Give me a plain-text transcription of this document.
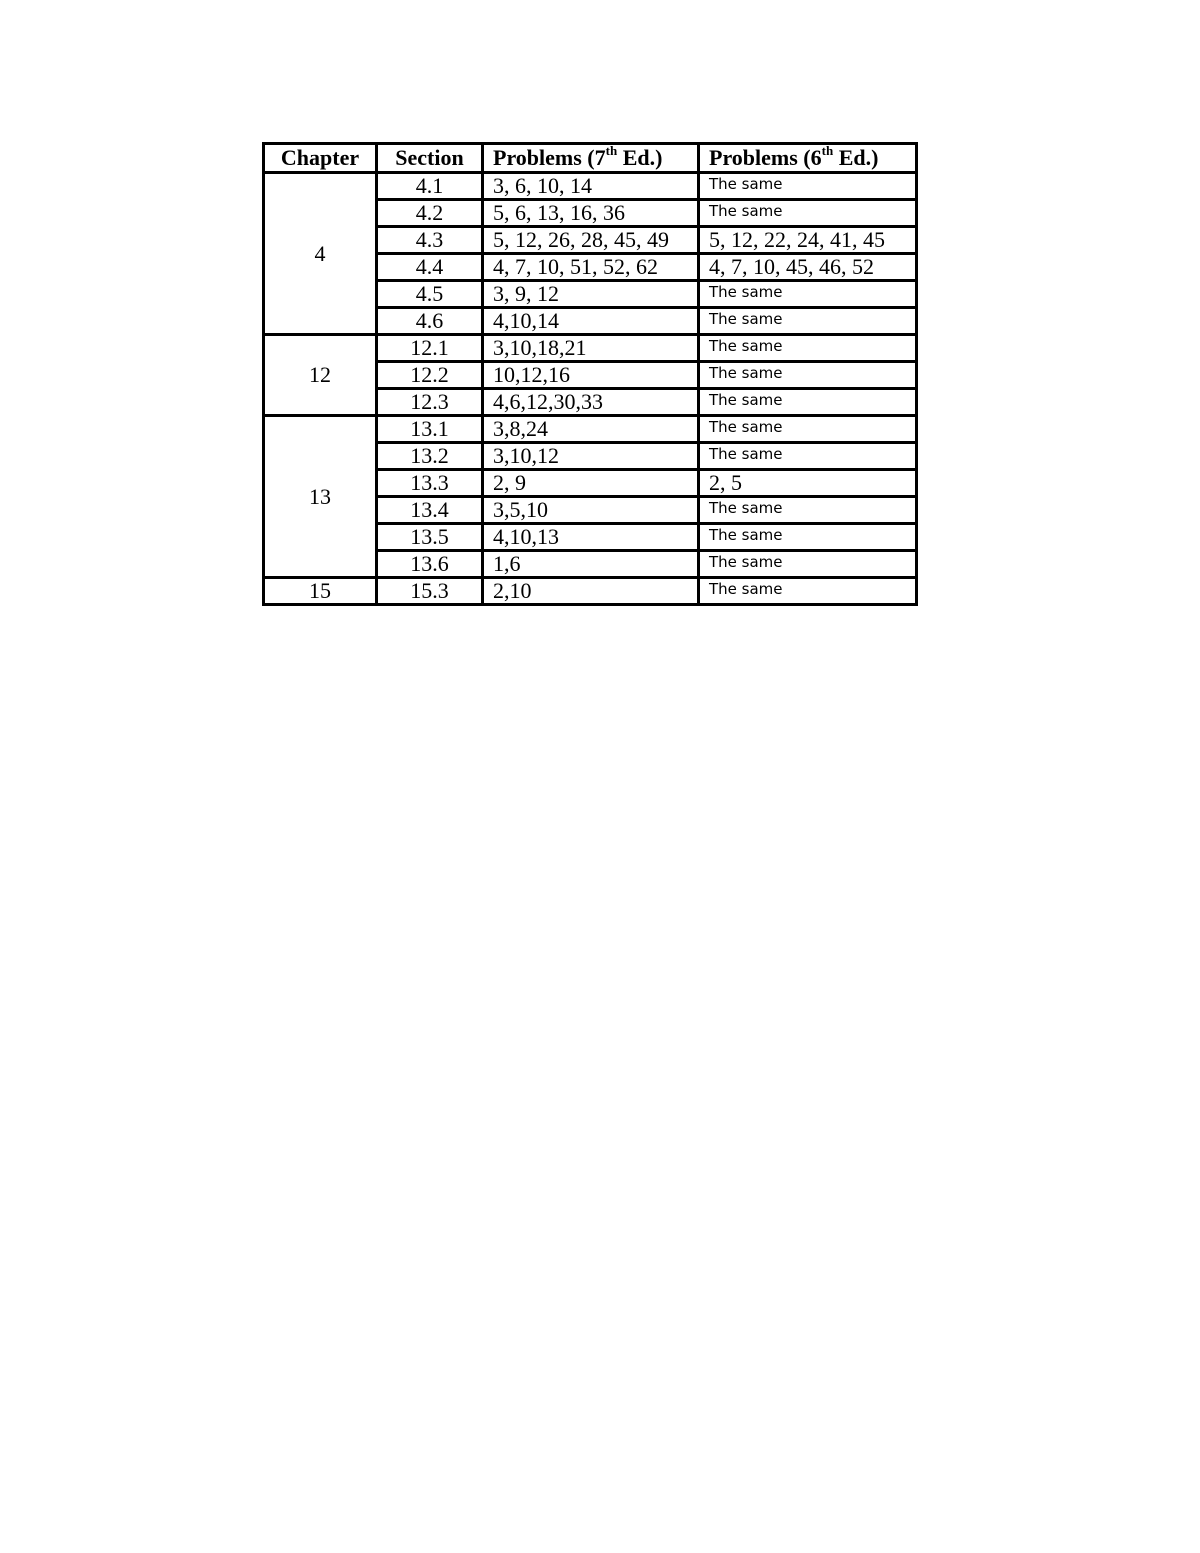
Chapter	Section	Problems (7th Ed.)	Problems (6th Ed.)
4	4.1	3, 6, 10, 14	The same
	4.2	5, 6, 13, 16, 36	The same
	4.3	5, 12, 26, 28, 45, 49	5, 12, 22, 24, 41, 45
	4.4	4, 7, 10, 51, 52, 62	4, 7, 10, 45, 46, 52
	4.5	3, 9, 12	The same
	4.6	4,10,14	The same
12	12.1	3,10,18,21	The same
	12.2	10,12,16	The same
	12.3	4,6,12,30,33	The same
13	13.1	3,8,24	The same
	13.2	3,10,12	The same
	13.3	2, 9	2, 5
	13.4	3,5,10	The same
	13.5	4,10,13	The same
	13.6	1,6	The same
15	15.3	2,10	The same
